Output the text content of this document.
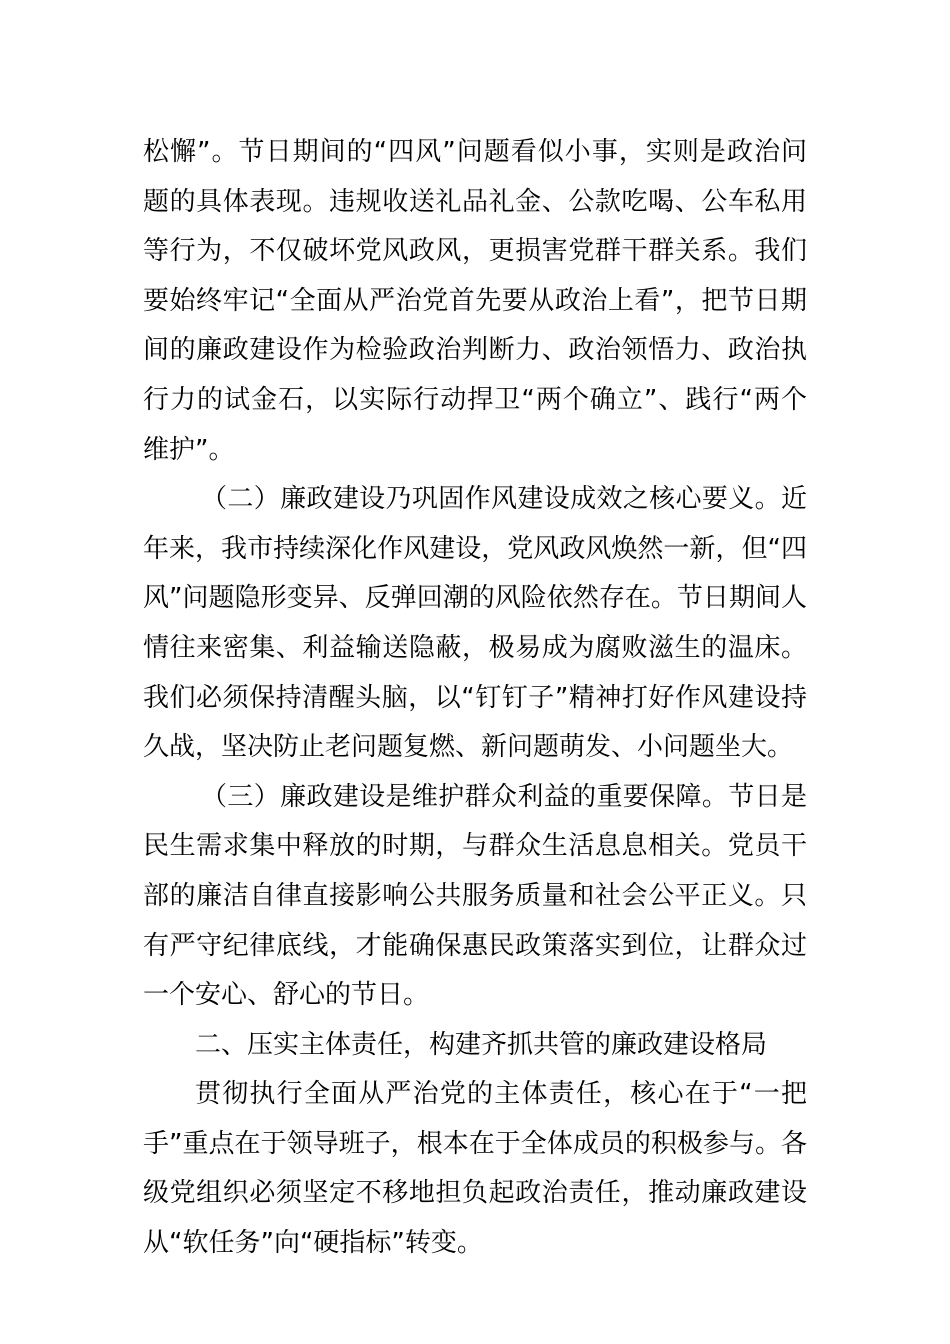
松懈”。节日期间的“四风”问题看似小事，实则是政治问题的具体表现。违规收送礼品礼金、公款吃喝、公车私用等行为，不仅破坏党风政风，更损害党群干群关系。我们要始终牢记“全面从严治党首先要从政治上看”，把节日期间的廉政建设作为检验政治判断力、政治领悟力、政治执行力的试金石，以实际行动捍卫“两个确立”、践行“两个维护”。

（二）廉政建设乃巩固作风建设成效之核心要义。近年来，我市持续深化作风建设，党风政风焕然一新，但“四风”问题隐形变异、反弹回潮的风险依然存在。节日期间人情往来密集、利益输送隐蔽，极易成为腐败滋生的温床。我们必须保持清醒头脑，以“钉钉子”精神打好作风建设持久战，坚决防止老问题复燃、新问题萌发、小问题坐大。

（三）廉政建设是维护群众利益的重要保障。节日是民生需求集中释放的时期，与群众生活息息相关。党员干部的廉洁自律直接影响公共服务质量和社会公平正义。只有严守纪律底线，才能确保惠民政策落实到位，让群众过一个安心、舒心的节日。

二、压实主体责任，构建齐抓共管的廉政建设格局

贯彻执行全面从严治党的主体责任，核心在于“一把手”重点在于领导班子，根本在于全体成员的积极参与。各级党组织必须坚定不移地担负起政治责任，推动廉政建设从“软任务”向“硬指标”转变。
